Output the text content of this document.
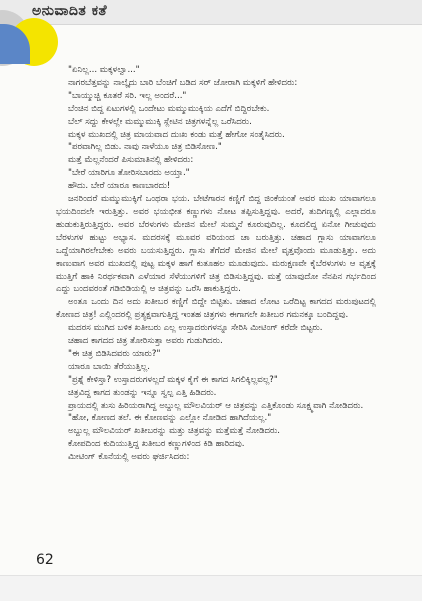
ಅನುವಾದಿತ ಕತೆ

"ಏನಿಲ್ಲ... ಮಕ್ಕಳಲ್ವಾ..."

ನಾಗರಬೆತ್ತವನ್ನು ನಾಲ್ಕೈದು ಬಾರಿ ಬೆಂಚಿಗೆ ಬಡಿದ ಸರ್ ಜೋರಾಗಿ ಮಕ್ಕಳಿಗೆ ಹೇಳಿದರು:

"ಬಾಯ್ಮುಚ್ಚಿ ಕೂತರೆ ಸರಿ. ಇಲ್ಲ ಅಂದರೆ..."

ಬೆಂಚಿನ ಬಿದ್ದ ಏಟುಗಳಲ್ಲಿ ಒಂದೇಟು ಮಮ್ಮುಮುಕ್ಕಿಯ ಎದೆಗೆ ಬಿದ್ದಿರಬೇಕು.

ಬೆಲ್ ಸದ್ದು ಕೇಳಲ್ಲೇ ಮಮ್ಮುಮುಕ್ಕಿ ಸ್ಲೇಟಿನ ಚಿತ್ರಗಳನ್ನೆಲ್ಲ ಒರೆಸಿದರು.

ಮಕ್ಕಳ ಮುಖದಲ್ಲಿ ಚಿತ್ರ ಮಾಯವಾದ ದುಃಖ ಕಂಡು ಮತ್ತೆ ಹೇಗೋ ಸಂತೈಸಿದರು.

"ಪರವಾಗಿಲ್ಲ ಬಿಡು. ನಾವು ನಾಳೆಯೂ ಚಿತ್ರ ಬಿಡಿಸೋಣ."

ಮತ್ತೆ ಮೆಲ್ಲನೆಂದರೆ ಪಿಸುಮಾತಿನಲ್ಲಿ ಹೇಳಿದರು:

"ಬೇರೆ ಯಾರಿಗೂ ತೋರಿಸಬಾರದು ಅಯ್ತಾ."

ಹೌದು. ಬೇರೆ ಯಾರೂ ಕಾಣಬಾರದು!

ಜನರಿಂದರೆ ಮಮ್ಮುಮುಕ್ಕಿಗೆ ಒಂಥರಾ ಭಯ. ಬೇಟೆಗಾರನ ಕಣ್ಣಿಗೆ ಬಿದ್ದ ಜಿಂಕೆಯಂತೆ ಅವರ ಮುಖ ಯಾವಾಗಲೂ ಭಯದಿಂದಲೇ ಇರುತ್ತಿತ್ತು. ಅವರ ಭಯಭೀತ ಕಣ್ಣುಗಳು ನೋಟ ತಪ್ಪಿಸುತ್ತಿದ್ದವು. ಅದರೆ, ತುದಿಗಣ್ಣಲ್ಲಿ ಎಲ್ಲಾದರೂ ಹುಡುಕುತ್ತಿರುತ್ತಿದ್ದರು. ಅವರ ಬೆರಳುಗಳು ಮೇಜಿನ ಮೇಲೆ ಸುಮ್ಮನೆ ಕೂರುವುದಿಲ್ಲ. ಕೂದಲಿದ್ದ ಏನೋ ಗೀಚುವುದು ಬೆರಳುಗಳ ಹುಟ್ಟು ಅಭ್ಯಾಸ. ಮದರಸಕ್ಕೆ ಮೂವರ ವಠಿಯಂದ ಚಾ ಬರುತ್ತಿತ್ತು. ಚಹಾದ ಗ್ಲಾಸು ಯಾವಾಗಲೂ ಒದ್ದೆಯಾಗಿರಲೇಬೇಕು ಅವರು ಬಯಸುತ್ತಿದ್ದರು. ಗ್ಲಾಸು ತೆಗೆದರೆ ಮೇಜಿನ ಮೇಲೆ ವೃತ್ತವೊಂದು ಮೂಡುತ್ತಿತ್ತು. ಅದು ಕಾಣುವಾಗ ಅವರ ಮುಖದಲ್ಲಿ ಪುಟ್ಟ ಮಕ್ಕಳ ಹಾಗೆ ಕುತೂಹಲ ಮೂಡುವುದು. ಮರುಕ್ಷಣವೇ ಕೈಬೆರಳುಗಳು ಆ ವೃತ್ತಕ್ಕೆ ಮುತ್ತಿಗೆ ಹಾಕಿ ನಿರರ್ಥಕವಾಗಿ ಎಳೆಯಾರ ಸೆಳೆಯುಗಳಿಗೆ ಚಿತ್ರ ಬಿಡಿಸುತ್ತಿದ್ದವು. ಮತ್ತೆ ಯಾವುದೋ ನೆನಪಿನ ಗರ್ಭದಿಂದ ಎದ್ದು ಬಂದವರಂತೆ ಗಡಿಬಿಡಿಯಲ್ಲಿ ಆ ಚಿತ್ರವನ್ನು ಒರೆಸಿ ಹಾಕುತ್ತಿದ್ದರು.

ಅಂತೂ ಒಂದು ದಿನ ಅದು ಖತೀಬರ ಕಣ್ಣಿಗೆ ಬಿದ್ದೇ ಬಿಟ್ಟಿತು. ಚಹಾದ ಲೋಟ ಒರೆದಿಟ್ಟ ಕಾಗದದ ಮರುಪುಟದಲ್ಲಿ ಕೋಣದ ಚಿತ್ರ! ಎಲ್ಲಿಂದರಲ್ಲಿ ಪ್ರತ್ಯಕ್ಷವಾಗುತ್ತಿದ್ದ ಇಂತಹ ಚಿತ್ರಗಳು ಈಗಾಗಲೇ ಖತೀಬರ ಗಮನಕ್ಕೂ ಬಂದಿದ್ದವು.

ಮದರಸ ಮುಗಿದ ಬಳಿಕ ಖತೀಬರು ಎಲ್ಲ ಉಸ್ತಾದರುಗಳನ್ನೂ ಸೇರಿಸಿ ಮೀಟಿಂಗ್ ಕರೆದೇ ಬಿಟ್ಟರು.

ಚಹಾದ ಕಾಗದದ ಚಿತ್ರ ತೋರಿಸುತ್ತಾ ಅವರು ಗುಡುಗಿದರು.

"ಈ ಚಿತ್ರ ಬಿಡಿಸಿದವರು ಯಾರು?"

ಯಾರೂ ಬಾಯಿ ತೆರೆಯುತ್ತಿಲ್ಲ.

"ಪ್ರಶ್ನೆ ಕೇಳಿಸ್ತಾ? ಉಸ್ತಾದರುಗಳಲ್ಲದೆ ಮಕ್ಕಳ ಕೈಗೆ ಈ ಕಾಗದ ಸಿಗಲಿಕ್ಕಿಲ್ಲವಲ್ಲ?"

ಚಿತ್ರವಿದ್ದ ಕಾಗದ ತುಂಡನ್ನು ಇನ್ನೂ ಸ್ವಲ್ಪ ಎತ್ತಿ ಹಿಡಿದರು.

ಪ್ರಾಯದಲ್ಲಿ ತುಸು ಹಿರಿಯರಾಗಿದ್ದ ಅಬ್ದುಲ್ಲ ಮೌಲವಿಯರ್ ಆ ಚಿತ್ರವನ್ನು ಎತ್ತಿಕೊಂಡು ಸೂಕ್ಷ್ಮವಾಗಿ ನೋಡಿದರು.

"ಹೋ, ಕೋಣದ ತಲೆ. ಈ ಕೋಣವನ್ನು ಎಲ್ಲೋ ನೋಡಿದ ಹಾಗಿದೆಯಲ್ಲ."

ಅಬ್ದುಲ್ಲ ಮೌಲವಿಯರ್ ಖತೀಬರನ್ನು ಮತ್ತು ಚಿತ್ರವನ್ನು ಮತ್ತೆಮತ್ತೆ ನೋಡಿದರು.

ಕೋಪದಿಂದ ಕುದಿಯುತ್ತಿದ್ದ ಖತೀಬರ ಕಣ್ಣುಗಳಿಂದ ಕಿಡಿ ಹಾರಿದವು.

ಮೀಟಿಂಗ್ ಕೊನೆಯಲ್ಲಿ ಅವರು ಘರ್ಜಿಸಿದರು:

62
